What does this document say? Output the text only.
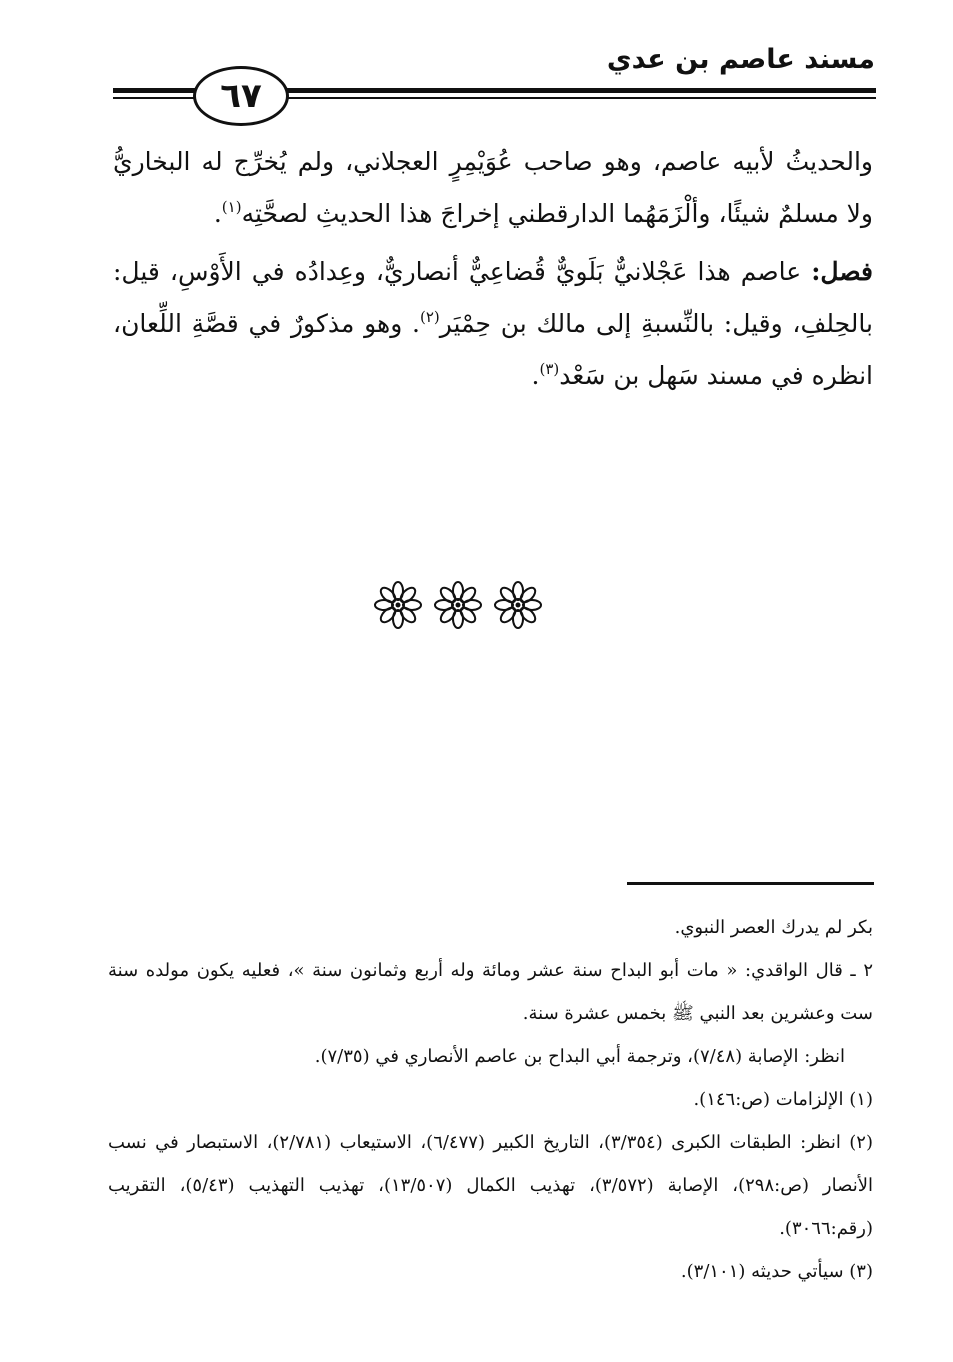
مسند عاصم بن عدي
٦٧

والحديثُ لأبيه عاصم، وهو صاحب عُوَيْمِرٍ العجلاني، ولم يُخرِّج له البخاريُّ ولا مسلمٌ شيئًا، وألْزَمَهُما الدارقطني إخراجَ هذا الحديثِ لصحَّتِه$^{(١)}$.

فصل: عاصم هذا عَجْلانيٌّ بَلَويٌّ قُضاعِيٌّ أنصاريٌّ، وعِدادُه في الأَوْسِ، قيل: بالحِلفِ، وقيل: بالنِّسبةِ إلى مالك بن حِمْيَر$^{(٢)}$. وهو مذكورٌ في قصَّةِ اللِّعان، انظره في مسند سَهل بن سَعْد$^{(٣)}$.

بكر لم يدرك العصر النبوي.

٢ ـ قال الواقدي: « مات أبو البداح سنة عشر ومائة وله أربع وثمانون سنة »، فعليه يكون مولده سنة ست وعشرين بعد النبي ﷺ بخمس عشرة سنة.

انظر: الإصابة (٧/٤٨)، وترجمة أبي البداح بن عاصم الأنصاري في (٧/٣٥).

(١) الإلزامات (ص:١٤٦).

(٢) انظر: الطبقات الكبرى (٣/٣٥٤)، التاريخ الكبير (٦/٤٧٧)، الاستيعاب (٢/٧٨١)، الاستبصار في نسب الأنصار (ص:٢٩٨)، الإصابة (٣/٥٧٢)، تهذيب الكمال (١٣/٥٠٧)، تهذيب التهذيب (٥/٤٣)، التقريب (رقم:٣٠٦٦).

(٣) سيأتي حديثه (٣/١٠١).
